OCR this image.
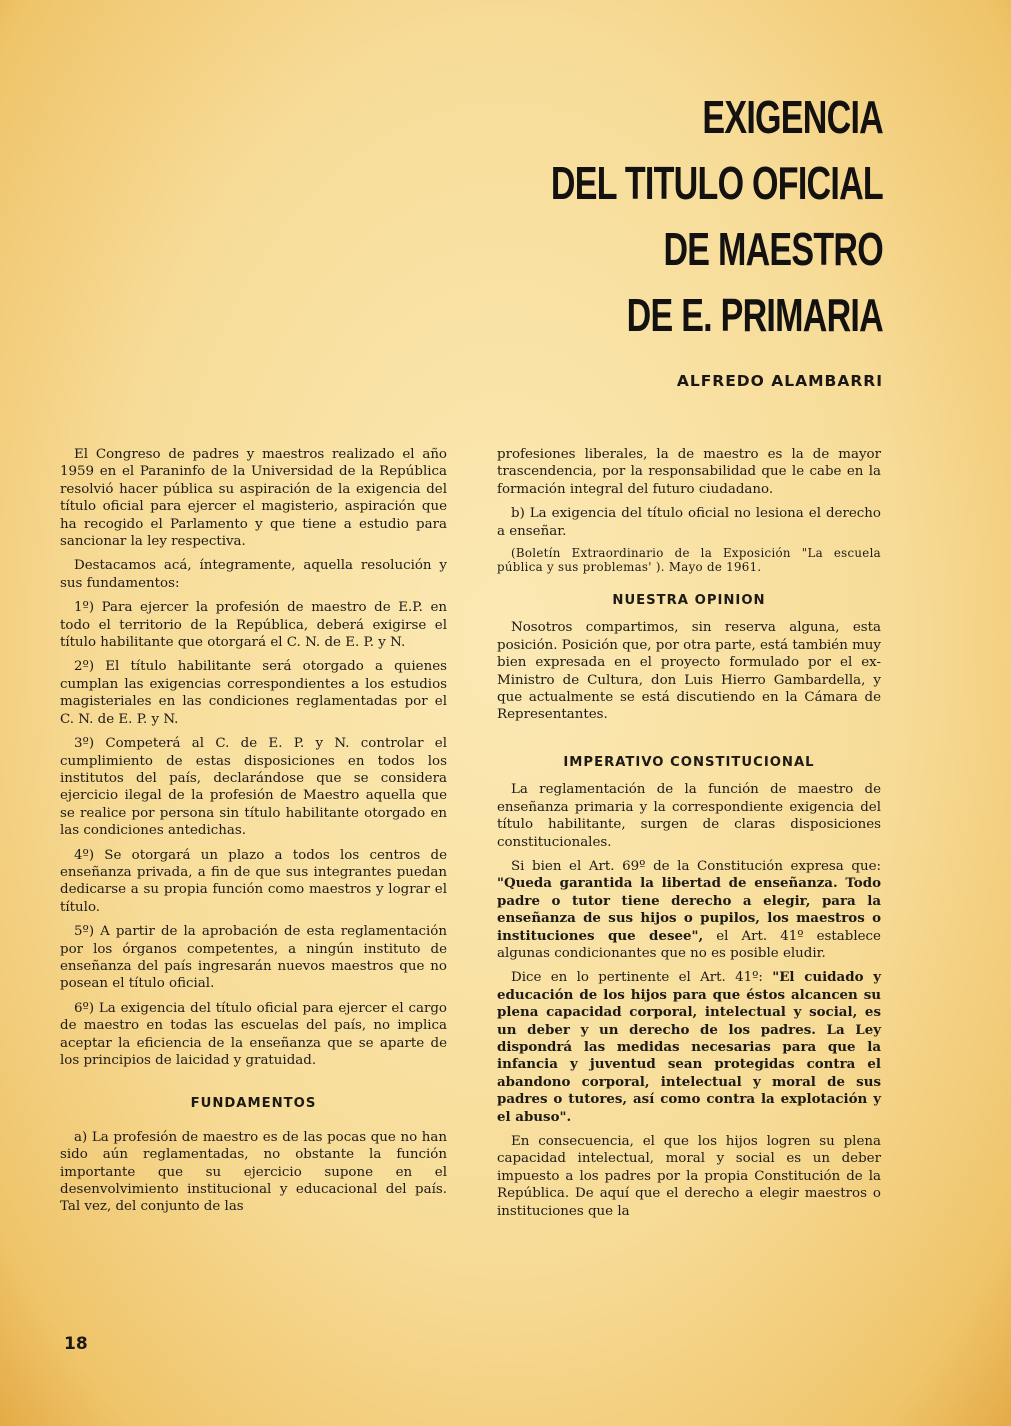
EXIGENCIA
DEL TITULO OFICIAL
DE MAESTRO
DE E. PRIMARIA
ALFREDO ALAMBARRI

El Congreso de padres y maestros realizado el año 1959 en el Paraninfo de la Universidad de la República resolvió hacer pública su aspiración de la exigencia del título oficial para ejercer el magisterio, aspiración que ha recogido el Parlamento y que tiene a estudio para sancionar la ley respectiva.

Destacamos acá, íntegramente, aquella resolución y sus fundamentos:

1º) Para ejercer la profesión de maestro de E.P. en todo el territorio de la República, deberá exigirse el título habilitante que otorgará el C. N. de E. P. y N.

2º) El título habilitante será otorgado a quienes cumplan las exigencias correspondientes a los estudios magisteriales en las condiciones reglamentadas por el C. N. de E. P. y N.

3º) Competerá al C. de E. P. y N. controlar el cumplimiento de estas disposiciones en todos los institutos del país, declarándose que se considera ejercicio ilegal de la profesión de Maestro aquella que se realice por persona sin título habilitante otorgado en las condiciones antedichas.

4º) Se otorgará un plazo a todos los centros de enseñanza privada, a fin de que sus integrantes puedan dedicarse a su propia función como maestros y lograr el título.

5º) A partir de la aprobación de esta reglamentación por los órganos competentes, a ningún instituto de enseñanza del país ingresarán nuevos maestros que no posean el título oficial.

6º) La exigencia del título oficial para ejercer el cargo de maestro en todas las escuelas del país, no implica aceptar la eficiencia de la enseñanza que se aparte de los principios de laicidad y gratuidad.

FUNDAMENTOS

a) La profesión de maestro es de las pocas que no han sido aún reglamentadas, no obstante la función importante que su ejercicio supone en el desenvolvimiento institucional y educacional del país. Tal vez, del conjunto de las

profesiones liberales, la de maestro es la de mayor trascendencia, por la responsabilidad que le cabe en la formación integral del futuro ciudadano.

b) La exigencia del título oficial no lesiona el derecho a enseñar.

(Boletín Extraordinario de la Exposición "La escuela pública y sus problemas' ). Mayo de 1961.

NUESTRA OPINION

Nosotros compartimos, sin reserva alguna, esta posición. Posición que, por otra parte, está también muy bien expresada en el proyecto formulado por el ex-Ministro de Cultura, don Luis Hierro Gambardella, y que actualmente se está discutiendo en la Cámara de Representantes.

IMPERATIVO CONSTITUCIONAL

La reglamentación de la función de maestro de enseñanza primaria y la correspondiente exigencia del título habilitante, surgen de claras disposiciones constitucionales.

Si bien el Art. 69º de la Constitución expresa que: "Queda garantida la libertad de enseñanza. Todo padre o tutor tiene derecho a elegir, para la enseñanza de sus hijos o pupilos, los maestros o instituciones que desee", el Art. 41º establece algunas condicionantes que no es posible eludir.

Dice en lo pertinente el Art. 41º: "El cuidado y educación de los hijos para que éstos alcancen su plena capacidad corporal, intelectual y social, es un deber y un derecho de los padres. La Ley dispondrá las medidas necesarias para que la infancia y juventud sean protegidas contra el abandono corporal, intelectual y moral de sus padres o tutores, así como contra la explotación y el abuso".

En consecuencia, el que los hijos logren su plena capacidad intelectual, moral y social es un deber impuesto a los padres por la propia Constitución de la República. De aquí que el derecho a elegir maestros o instituciones que la

18
